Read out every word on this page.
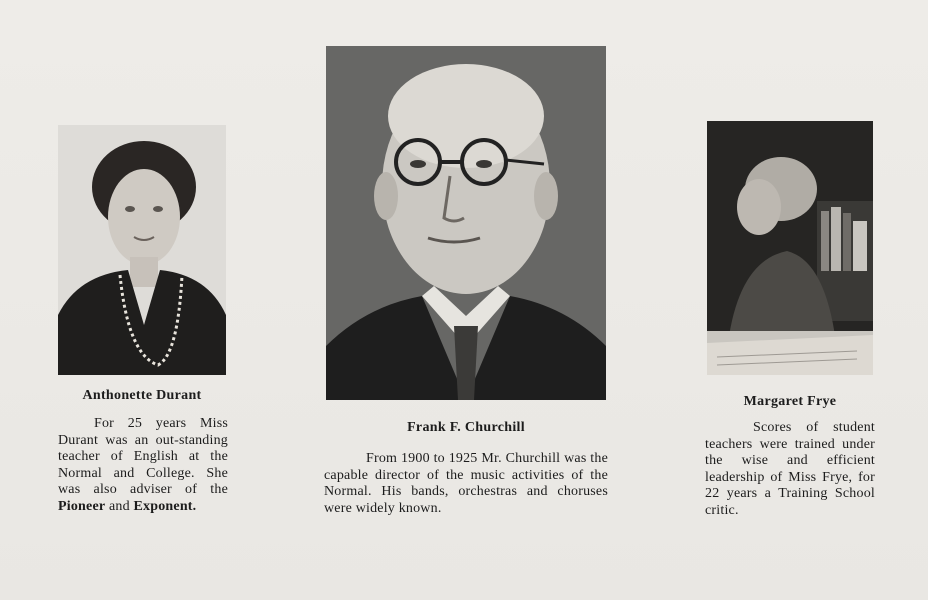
Anthonette Durant
Frank F. Churchill
Margaret Frye
For 25 years Miss Durant was an out-standing teacher of English at the Normal and College. She was also adviser of the Pioneer and Exponent.
From 1900 to 1925 Mr. Churchill was the capable director of the music activities of the Normal. His bands, orchestras and choruses were widely known.
Scores of student teachers were trained under the wise and efficient leadership of Miss Frye, for 22 years a Training School critic.
